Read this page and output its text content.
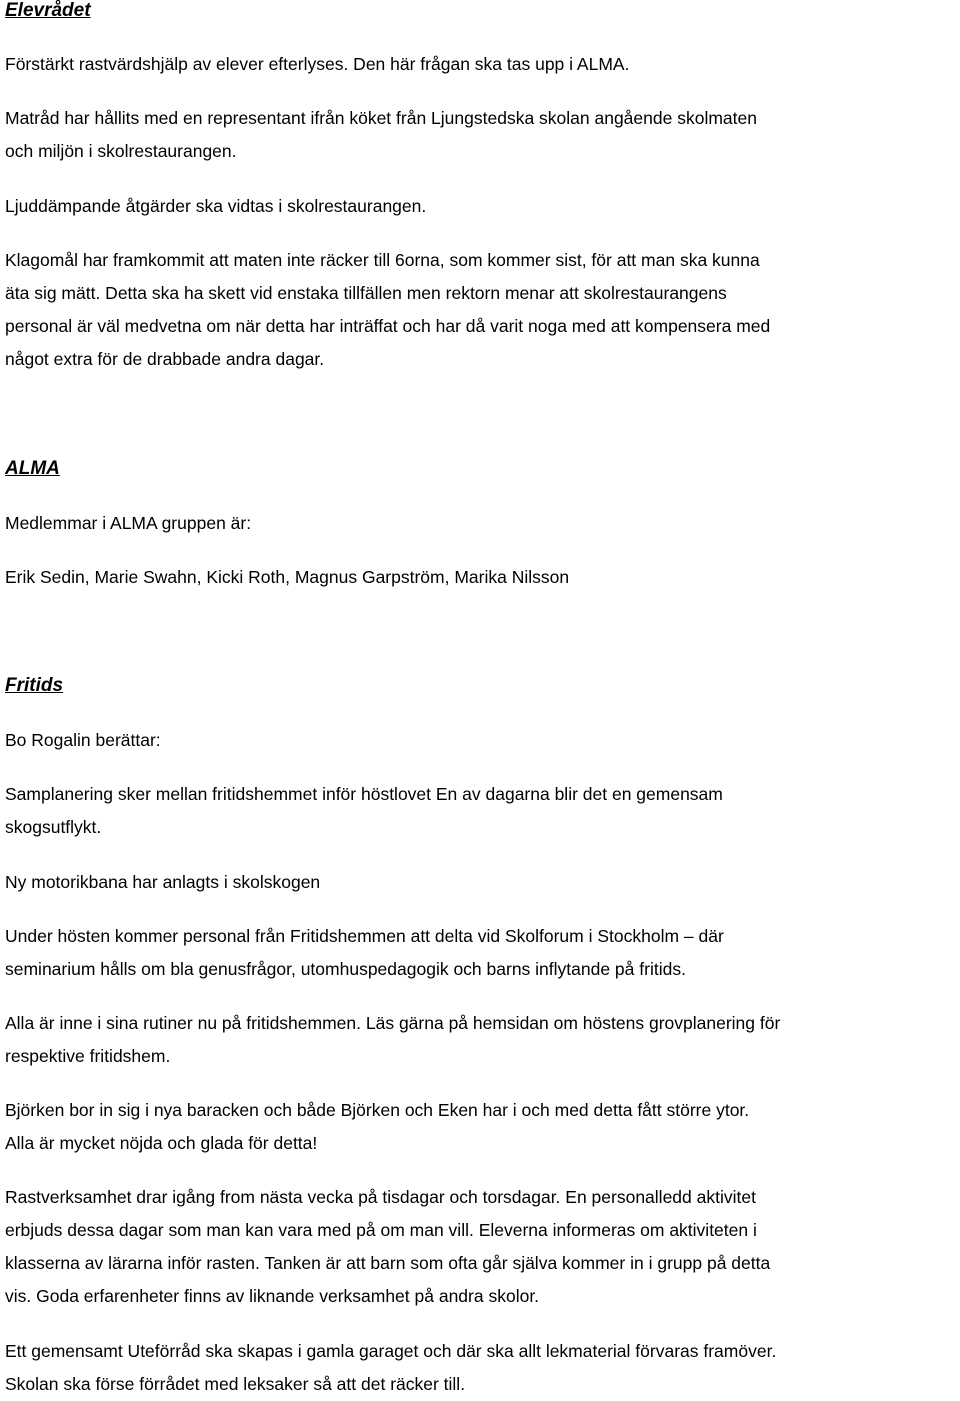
Elevrådet

Förstärkt rastvärdshjälp av elever efterlyses. Den här frågan ska tas upp i ALMA.

Matråd har hållits med en representant ifrån köket från Ljungstedska skolan angående skolmaten

och miljön i skolrestaurangen.

Ljuddämpande åtgärder ska vidtas i skolrestaurangen.

Klagomål har framkommit att maten inte räcker till 6orna, som kommer sist, för att man ska kunna

äta sig mätt. Detta ska ha skett vid enstaka tillfällen men rektorn menar att skolrestaurangens

personal är väl medvetna om när detta har inträffat och har då varit noga med att kompensera med

något extra för de drabbade andra dagar.

ALMA

Medlemmar i ALMA gruppen är:

Erik Sedin, Marie Swahn, Kicki Roth, Magnus Garpström, Marika Nilsson

Fritids

Bo Rogalin berättar:

Samplanering sker mellan fritidshemmet inför höstlovet En av dagarna blir det en gemensam

skogsutflykt.

Ny motorikbana har anlagts i skolskogen

Under hösten kommer personal från Fritidshemmen att delta vid Skolforum i Stockholm – där

seminarium hålls om bla genusfrågor, utomhuspedagogik och barns inflytande på fritids.

Alla är inne i sina rutiner nu på fritidshemmen. Läs gärna på hemsidan om höstens grovplanering för

respektive fritidshem.

Björken bor in sig i nya baracken och både Björken och Eken har i och med detta fått större ytor.

Alla är mycket nöjda och glada för detta!

Rastverksamhet drar igång from nästa vecka på tisdagar och torsdagar. En personalledd aktivitet

erbjuds dessa dagar som man kan vara med på om man vill. Eleverna informeras om aktiviteten i

klasserna av lärarna inför rasten. Tanken är att barn som ofta går själva kommer in i grupp på detta

vis. Goda erfarenheter finns av liknande verksamhet på andra skolor.

Ett gemensamt Uteförråd ska skapas i gamla garaget och där ska allt lekmaterial förvaras framöver.

Skolan ska förse förrådet med leksaker så att det räcker till.
